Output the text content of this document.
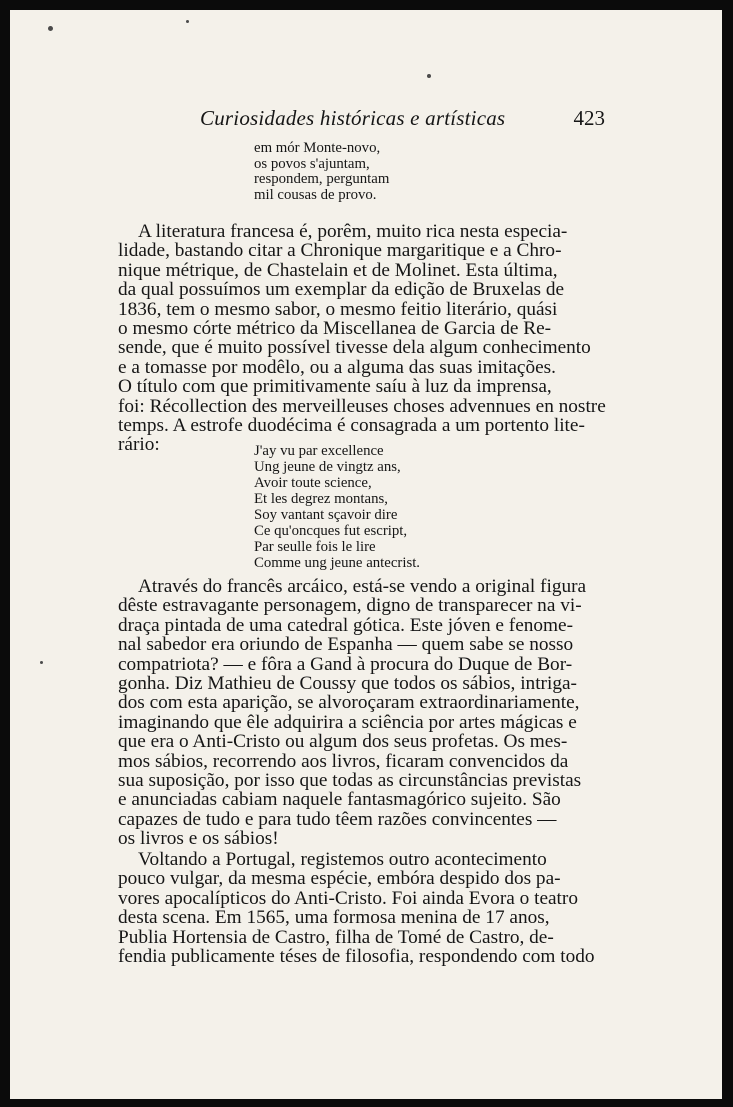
Curiosidades históricas e artísticas	423
em mór Monte-novo,
os povos s'ajuntam,
respondem, perguntam
mil cousas de provo.
A literatura francesa é, porêm, muito rica nesta especia-
lidade, bastando citar a Chronique margaritique e a Chro-
nique métrique, de Chastelain et de Molinet. Esta última,
da qual possuímos um exemplar da edição de Bruxelas de
1836, tem o mesmo sabor, o mesmo feitio literário, quási
o mesmo córte métrico da Miscellanea de Garcia de Re-
sende, que é muito possível tivesse dela algum conhecimento
e a tomasse por modêlo, ou a alguma das suas imitações.
O título com que primitivamente saíu à luz da imprensa,
foi: Récollection des merveilleuses choses advennues en nostre
temps. A estrofe duodécima é consagrada a um portento lite-
rário:	J'ay vu par excellence
Ung jeune de vingtz ans,
Avoir toute science,
Et les degrez montans,
Soy vantant sçavoir dire
Ce qu'oncques fut escript,
Par seulle fois le lire
Comme ung jeune antecrist.
Através do francês arcáico, está-se vendo a original figura
dêste estravagante personagem, digno de transparecer na vi-
draça pintada de uma catedral gótica. Este jóven e fenome-
nal sabedor era oriundo de Espanha — quem sabe se nosso
compatriota? — e fôra a Gand à procura do Duque de Bor-
gonha. Diz Mathieu de Coussy que todos os sábios, intriga-
dos com esta aparição, se alvoroçaram extraordinariamente,
imaginando que êle adquirira a sciência por artes mágicas e
que era o Anti-Cristo ou algum dos seus profetas. Os mes-
mos sábios, recorrendo aos livros, ficaram convencidos da
sua suposição, por isso que todas as circunstâncias previstas
e anunciadas cabiam naquele fantasmagórico sujeito. São
capazes de tudo e para tudo têem razões convincentes —
os livros e os sábios!
Voltando a Portugal, registemos outro acontecimento
pouco vulgar, da mesma espécie, embóra despido dos pa-
vores apocalípticos do Anti-Cristo. Foi ainda Evora o teatro
desta scena. Em 1565, uma formosa menina de 17 anos,
Publia Hortensia de Castro, filha de Tomé de Castro, de-
fendia publicamente téses de filosofia, respondendo com todo
